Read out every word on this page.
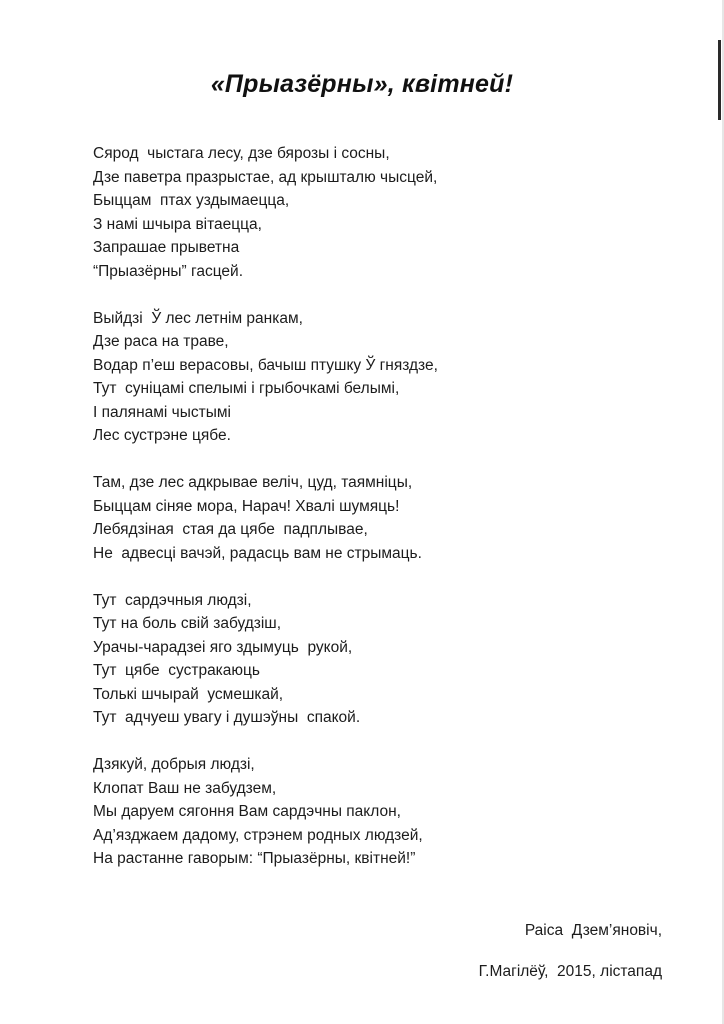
«Прыазёрны», квітней!
Сярод  чыстага лесу, дзе бярозы і сосны,
Дзе паветра празрыстае, ад крышталю чысцей,
Быццам  птах уздымаецца,
З намі шчыра вітаецца,
Запрашае прыветна
“Прыазёрны” гасцей.
Выйдзі  Ў лес летнім ранкам,
Дзе раса на траве,
Водар п’еш верасовы, бачыш птушку Ў гняздзе,
Тут  суніцамі спелымі і грыбочкамі белымі,
І палянамі чыстымі
Лес сустрэне цябе.
Там, дзе лес адкрывае веліч, цуд, таямніцы,
Быццам сіняе мора, Нарач! Хвалі шумяць!
Лебядзіная  стая да цябе  падплывае,
Не  адвесці вачэй, радасць вам не стрымаць.
Тут  сардэчныя людзі,
Тут на боль свій забудзіш,
Урачы-чарадзеі яго здымуць  рукой,
Тут  цябе  сустракаюць
Толькі шчырай  усмешкай,
Тут  адчуеш увагу і душэўны  спакой.
Дзякуй, добрыя людзі,
Клопат Ваш не забудзем,
Мы даруем сягоння Вам сардэчны паклон,
Ад’язджаем дадому, стрэнем родных людзей,
На растанне гаворым: “Прыазёрны, квітней!”
Раіса  Дзем’яновіч,
Г.Магілёў,  2015, лістапад
